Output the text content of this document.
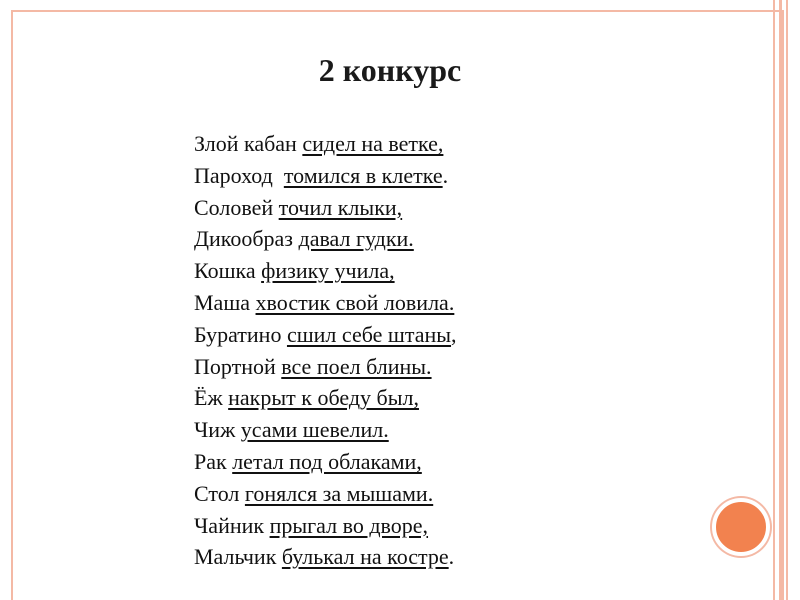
2 конкурс
Злой кабан сидел на ветке,
Пароход  томился в клетке.
Соловей точил клыки,
Дикообраз давал гудки.
Кошка физику учила,
Маша хвостик свой ловила.
Буратино сшил себе штаны,
Портной все поел блины.
Ёж накрыт к обеду был,
Чиж усами шевелил.
Рак летал под облаками,
Стол гонялся за мышами.
Чайник прыгал во дворе,
Мальчик булькал на костре.
